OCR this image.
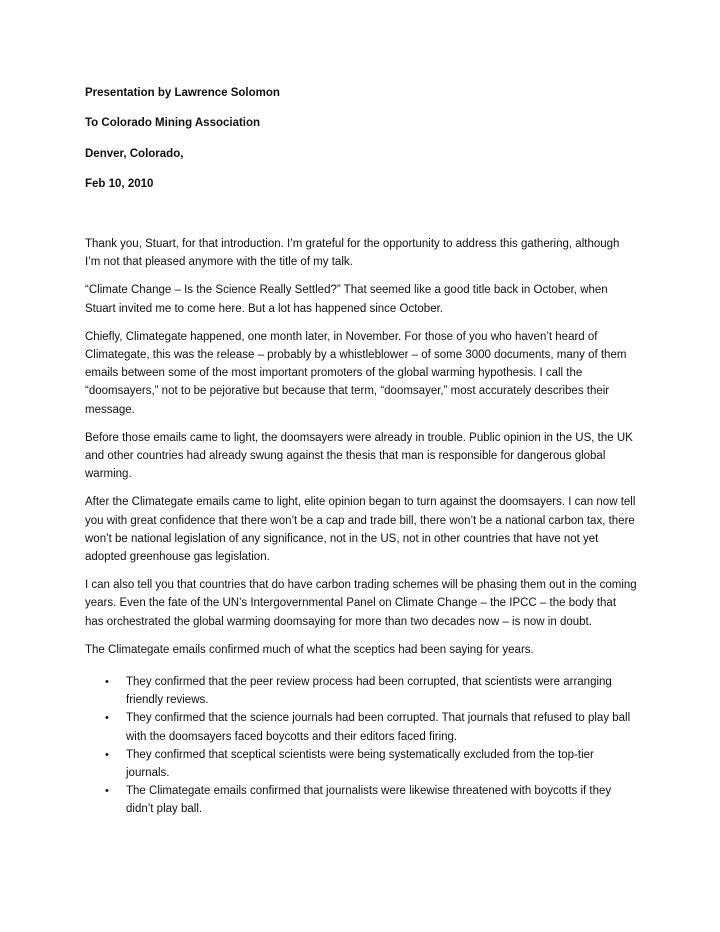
Presentation by Lawrence Solomon
To Colorado Mining Association
Denver, Colorado,
Feb 10, 2010

Thank you, Stuart, for that introduction. I’m grateful for the opportunity to address this gathering, although I’m not that pleased anymore with the title of my talk.

“Climate Change – Is the Science Really Settled?” That seemed like a good title back in October, when Stuart invited me to come here. But a lot has happened since October.

Chiefly, Climategate happened, one month later, in November. For those of you who haven’t heard of Climategate, this was the release – probably by a whistleblower – of some 3000 documents, many of them emails between some of the most important promoters of the global warming hypothesis. I call the “doomsayers,” not to be pejorative but because that term, “doomsayer,” most accurately describes their message.

Before those emails came to light, the doomsayers were already in trouble. Public opinion in the US, the UK and other countries had already swung against the thesis that man is responsible for dangerous global warming.

After the Climategate emails came to light, elite opinion began to turn against the doomsayers. I can now tell you with great confidence that there won’t be a cap and trade bill, there won’t be a national carbon tax, there won’t be national legislation of any significance, not in the US, not in other countries that have not yet adopted greenhouse gas legislation.

I can also tell you that countries that do have carbon trading schemes will be phasing them out in the coming years. Even the fate of the UN’s Intergovernmental Panel on Climate Change – the IPCC – the body that has orchestrated the global warming doomsaying for more than two decades now – is now in doubt.

The Climategate emails confirmed much of what the sceptics had been saying for years.

• They confirmed that the peer review process had been corrupted, that scientists were arranging friendly reviews.
• They confirmed that the science journals had been corrupted. That journals that refused to play ball with the doomsayers faced boycotts and their editors faced firing.
• They confirmed that sceptical scientists were being systematically excluded from the top-tier journals.
• The Climategate emails confirmed that journalists were likewise threatened with boycotts if they didn’t play ball.
